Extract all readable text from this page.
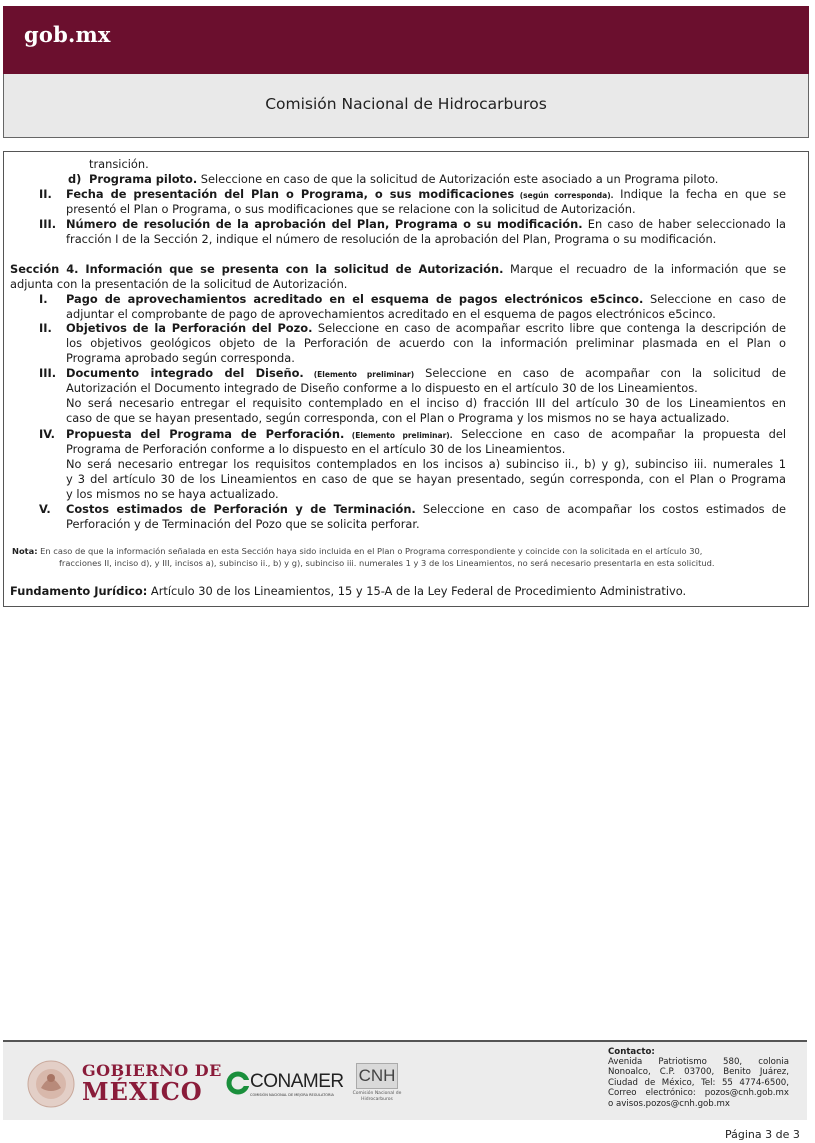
gob.mx
Comisión Nacional de Hidrocarburos
transición.
d) Programa piloto. Seleccione en caso de que la solicitud de Autorización este asociado a un Programa piloto.
II. Fecha de presentación del Plan o Programa, o sus modificaciones (según corresponda). Indique la fecha en que se
presentó el Plan o Programa, o sus modificaciones que se relacione con la solicitud de Autorización.
III. Número de resolución de la aprobación del Plan, Programa o su modificación. En caso de haber seleccionado la
fracción I de la Sección 2, indique el número de resolución de la aprobación del Plan, Programa o su modificación.
Sección 4. Información que se presenta con la solicitud de Autorización. Marque el recuadro de la información que se
adjunta con la presentación de la solicitud de Autorización.
I. Pago de aprovechamientos acreditado en el esquema de pagos electrónicos e5cinco. Seleccione en caso de
adjuntar el comprobante de pago de aprovechamientos acreditado en el esquema de pagos electrónicos e5cinco.
II. Objetivos de la Perforación del Pozo. Seleccione en caso de acompañar escrito libre que contenga la descripción de
los objetivos geológicos objeto de la Perforación de acuerdo con la información preliminar plasmada en el Plan o
Programa aprobado según corresponda.
III. Documento integrado del Diseño. (Elemento preliminar) Seleccione en caso de acompañar con la solicitud de
Autorización el Documento integrado de Diseño conforme a lo dispuesto en el artículo 30 de los Lineamientos.
No será necesario entregar el requisito contemplado en el inciso d) fracción III del artículo 30 de los Lineamientos en
caso de que se hayan presentado, según corresponda, con el Plan o Programa y los mismos no se haya actualizado.
IV. Propuesta del Programa de Perforación. (Elemento preliminar). Seleccione en caso de acompañar la propuesta del
Programa de Perforación conforme a lo dispuesto en el artículo 30 de los Lineamientos.
No será necesario entregar los requisitos contemplados en los incisos a) subinciso ii., b) y g), subinciso iii. numerales 1
y 3 del artículo 30 de los Lineamientos en caso de que se hayan presentado, según corresponda, con el Plan o Programa
y los mismos no se haya actualizado.
V. Costos estimados de Perforación y de Terminación. Seleccione en caso de acompañar los costos estimados de
Perforación y de Terminación del Pozo que se solicita perforar.
Nota: En caso de que la información señalada en esta Sección haya sido incluida en el Plan o Programa correspondiente y coincide con la solicitada en el artículo 30,
fracciones II, inciso d), y III, incisos a), subinciso ii., b) y g), subinciso iii. numerales 1 y 3 de los Lineamientos, no será necesario presentarla en esta solicitud.
Fundamento Jurídico: Artículo 30 de los Lineamientos, 15 y 15-A de la Ley Federal de Procedimiento Administrativo.
GOBIERNO DE
MÉXICO CONAMER
COMISIÓN NACIONAL DE MEJORA REGULATORIA
CNH
Comisión Nacional de Hidrocarburos
Contacto:
Avenida Patriotismo 580, colonia
Nonoalco, C.P. 03700, Benito Juárez,
Ciudad de México, Tel: 55 4774-6500,
Correo electrónico: pozos@cnh.gob.mx
o avisos.pozos@cnh.gob.mx
Página 3 de 3
